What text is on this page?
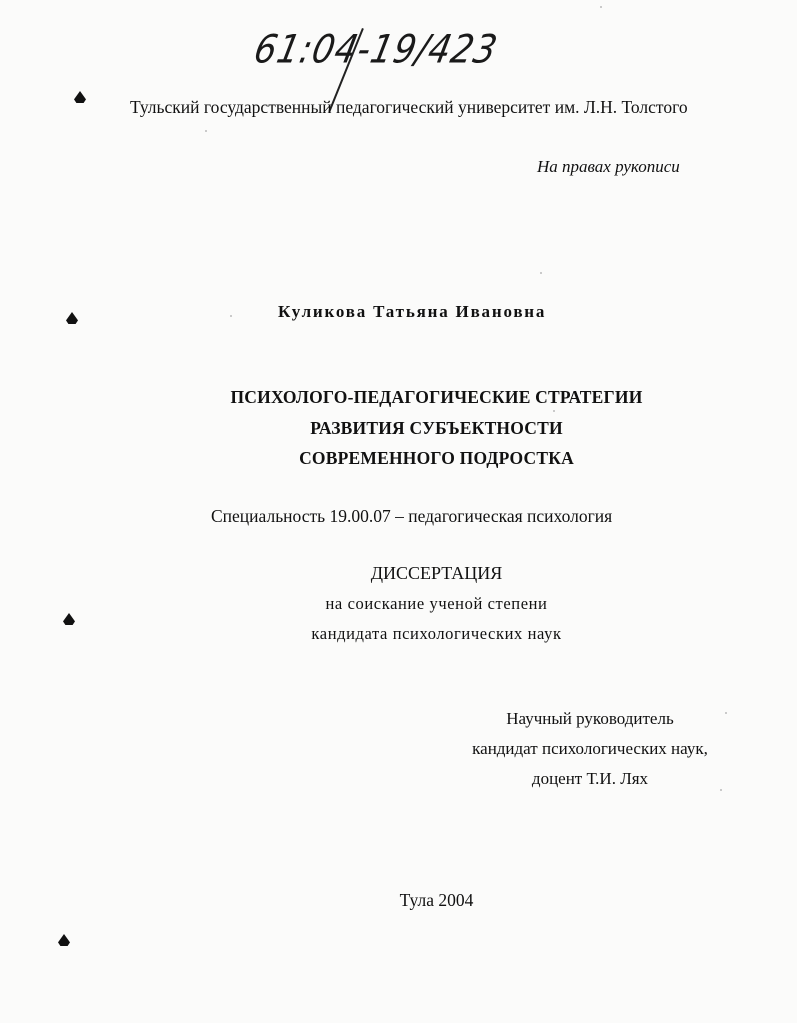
61:04-19/423
Тульский государственный педагогический университет им. Л.Н. Толстого
На правах рукописи
Куликова Татьяна Ивановна
ПСИХОЛОГО-ПЕДАГОГИЧЕСКИЕ СТРАТЕГИИ
РАЗВИТИЯ СУБЪЕКТНОСТИ
СОВРЕМЕННОГО ПОДРОСТКА
Специальность 19.00.07 – педагогическая психология
ДИССЕРТАЦИЯ
на соискание ученой степени
кандидата психологических наук
Научный руководитель
кандидат психологических наук,
доцент Т.И. Лях
Тула 2004
